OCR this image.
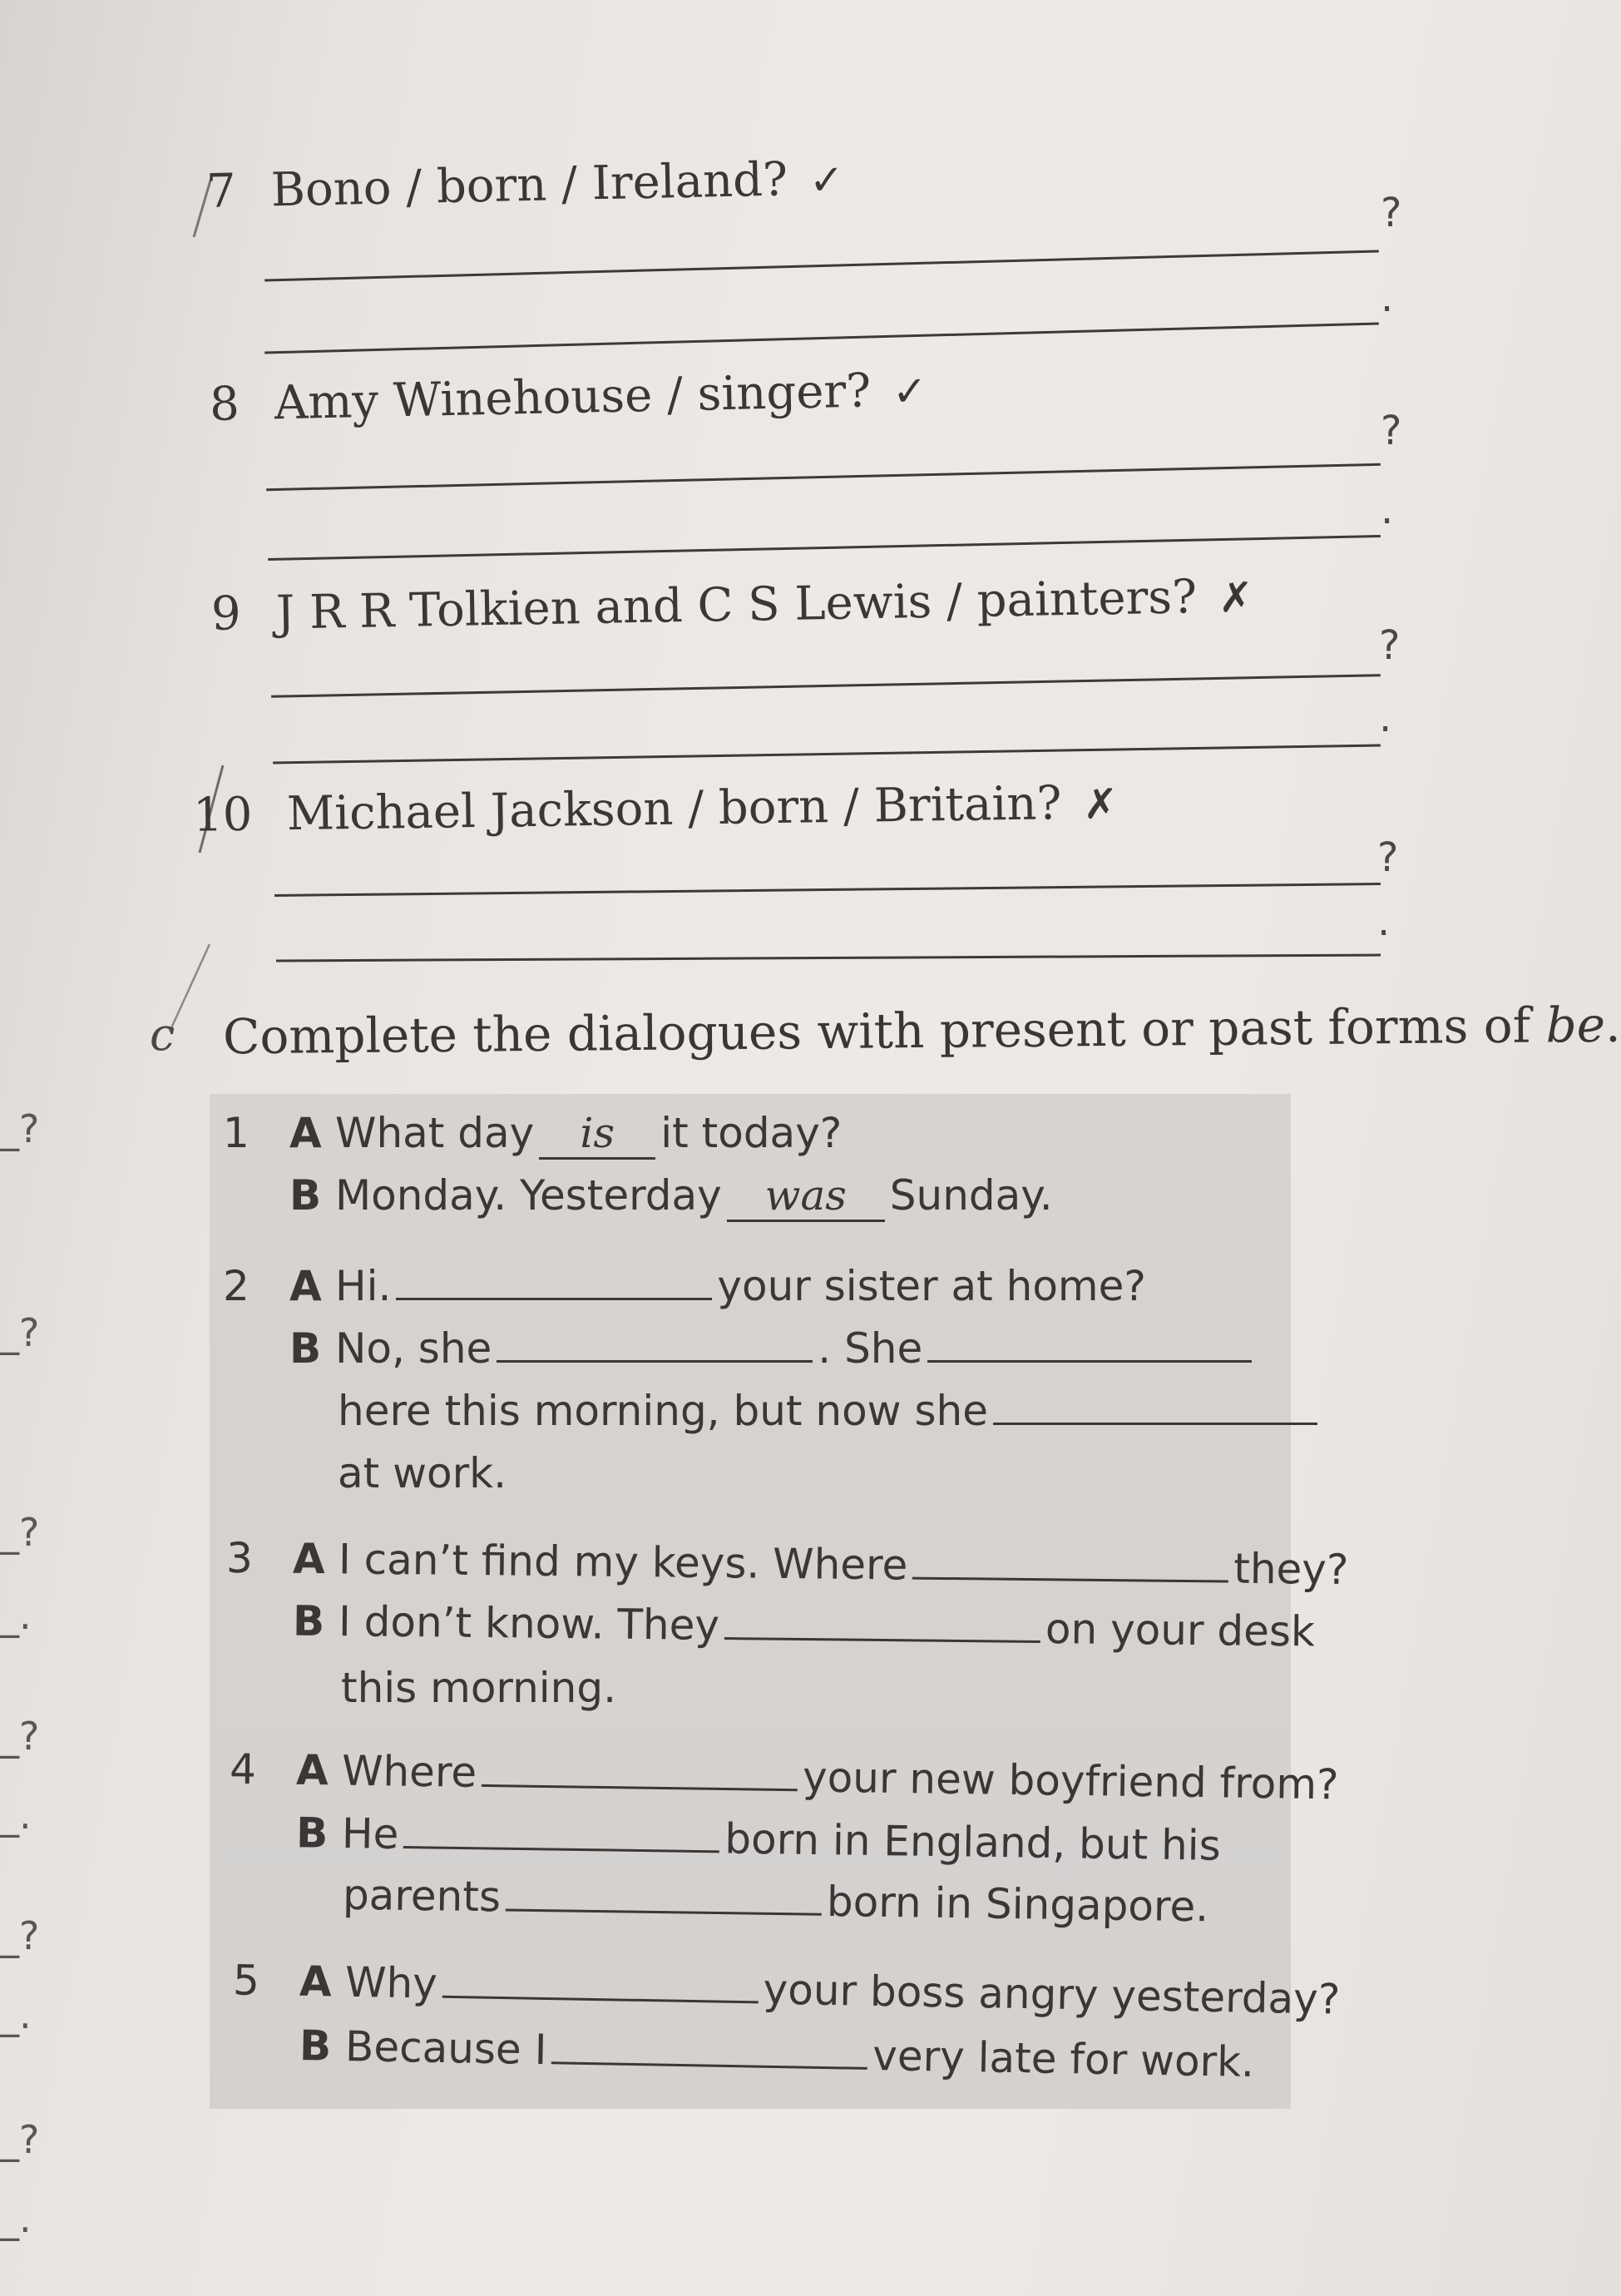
7 Bono / born / Ireland? ✓
?
.
8 Amy Winehouse / singer? ✓
?
.
9 J R R Tolkien and C S Lewis / painters? ✗
?
.
10 Michael Jackson / born / Britain? ✗
?
.
c Complete the dialogues with present or past forms of be.
1 A What day is it today?
B Monday. Yesterday was Sunday.
2 A Hi.	your sister at home?
B No, she	. She
here this morning, but now she
at work.
3 A I can’t find my keys. Where	they?
B I don’t know. They	on your desk
this morning.
4 A Where	your new boyfriend from?
B He	born in England, but his
parents	born in Singapore.
5 A Why	your boss angry yesterday?
B Because I	very late for work.
_?
_?
_?
_.
_?
_.
_?
_.
_?
_.
